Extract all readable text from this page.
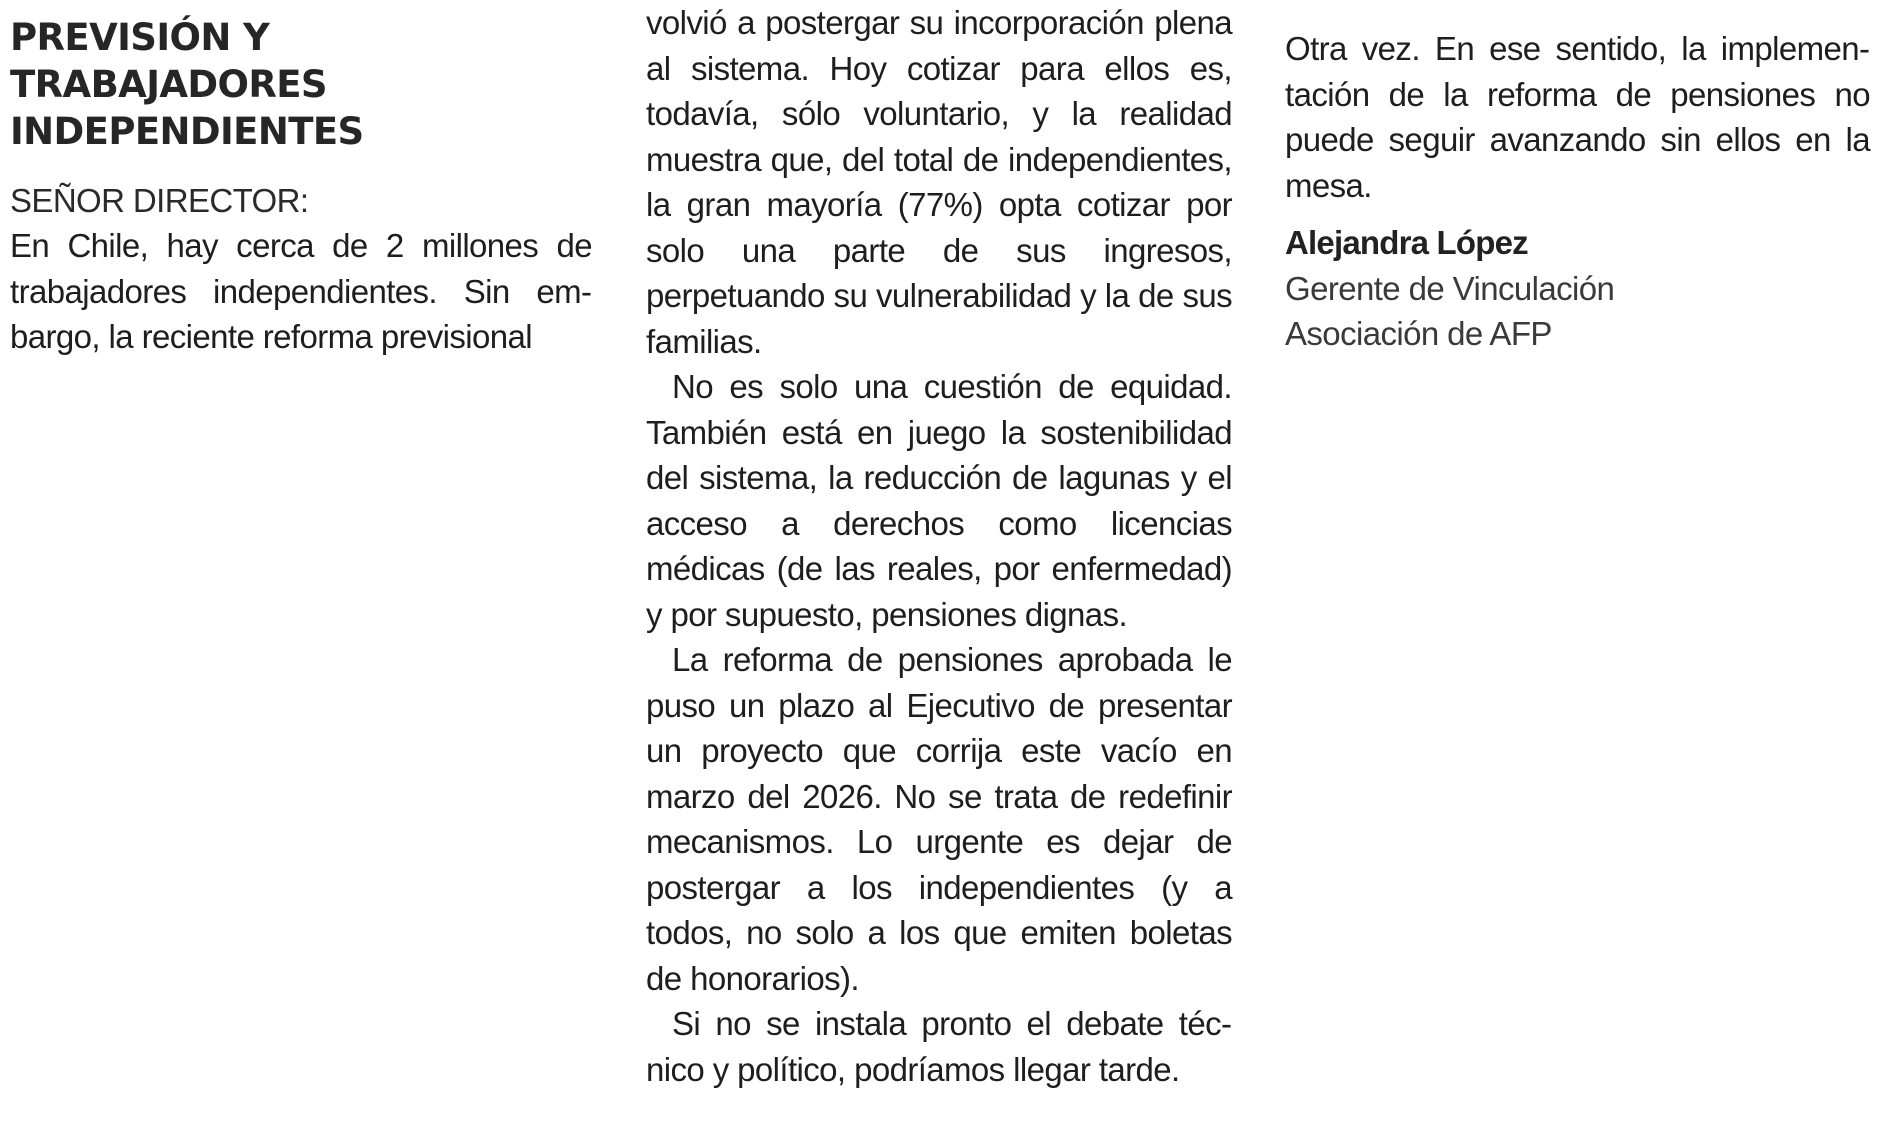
PREVISIÓN Y TRABAJADORES INDEPENDIENTES

SEÑOR DIRECTOR:

En Chile, hay cerca de 2 millones de trabajadores independientes. Sin embargo, la reciente reforma previsional

volvió a postergar su incorporación plena al sistema. Hoy cotizar para ellos es, todavía, sólo voluntario, y la realidad muestra que, del total de independientes, la gran mayoría (77%) opta cotizar por solo una parte de sus ingresos, perpetuando su vulnerabilidad y la de sus familias.

No es solo una cuestión de equidad. También está en juego la sostenibilidad del sistema, la reducción de lagunas y el acceso a derechos como licencias médicas (de las reales, por enfermedad) y por supuesto, pensiones dignas.

La reforma de pensiones aprobada le puso un plazo al Ejecutivo de presentar un proyecto que corrija este vacío en marzo del 2026. No se trata de redefinir mecanismos. Lo urgente es dejar de postergar a los independientes (y a todos, no solo a los que emiten boletas de honorarios).

Si no se instala pronto el debate técnico y político, podríamos llegar tarde.

Otra vez. En ese sentido, la implementación de la reforma de pensiones no puede seguir avanzando sin ellos en la mesa.

Alejandra López

Gerente de Vinculación

Asociación de AFP
